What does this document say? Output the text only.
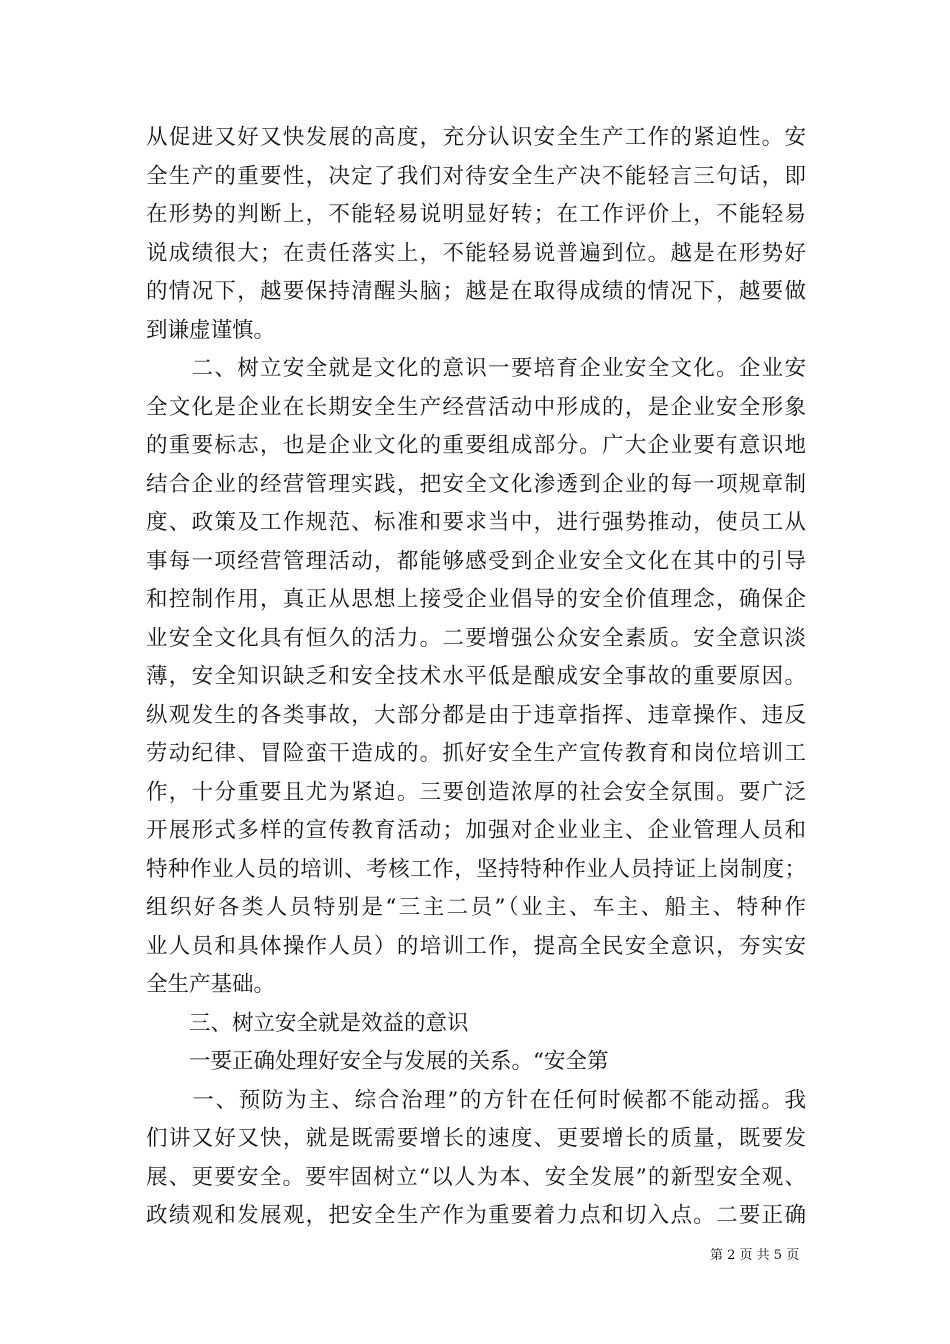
从促进又好又快发展的高度，充分认识安全生产工作的紧迫性。安
全生产的重要性，决定了我们对待安全生产决不能轻言三句话，即
在形势的判断上，不能轻易说明显好转；在工作评价上，不能轻易
说成绩很大；在责任落实上，不能轻易说普遍到位。越是在形势好
的情况下，越要保持清醒头脑；越是在取得成绩的情况下，越要做
到谦虚谨慎。
　　二、树立安全就是文化的意识一要培育企业安全文化。企业安
全文化是企业在长期安全生产经营活动中形成的，是企业安全形象
的重要标志，也是企业文化的重要组成部分。广大企业要有意识地
结合企业的经营管理实践，把安全文化渗透到企业的每一项规章制
度、政策及工作规范、标准和要求当中，进行强势推动，使员工从
事每一项经营管理活动，都能够感受到企业安全文化在其中的引导
和控制作用，真正从思想上接受企业倡导的安全价值理念，确保企
业安全文化具有恒久的活力。二要增强公众安全素质。安全意识淡
薄，安全知识缺乏和安全技术水平低是酿成安全事故的重要原因。
纵观发生的各类事故，大部分都是由于违章指挥、违章操作、违反
劳动纪律、冒险蛮干造成的。抓好安全生产宣传教育和岗位培训工
作，十分重要且尤为紧迫。三要创造浓厚的社会安全氛围。要广泛
开展形式多样的宣传教育活动；加强对企业业主、企业管理人员和
特种作业人员的培训、考核工作，坚持特种作业人员持证上岗制度；
组织好各类人员特别是“三主二员”（业主、车主、船主、特种作
业人员和具体操作人员）的培训工作，提高全民安全意识，夯实安
全生产基础。
　　三、树立安全就是效益的意识
　　一要正确处理好安全与发展的关系。“安全第
　　一、预防为主、综合治理”的方针在任何时候都不能动摇。我
们讲又好又快，就是既需要增长的速度、更要增长的质量，既要发
展、更要安全。要牢固树立“以人为本、安全发展”的新型安全观、
政绩观和发展观，把安全生产作为重要着力点和切入点。二要正确
第 2 页 共 5 页
